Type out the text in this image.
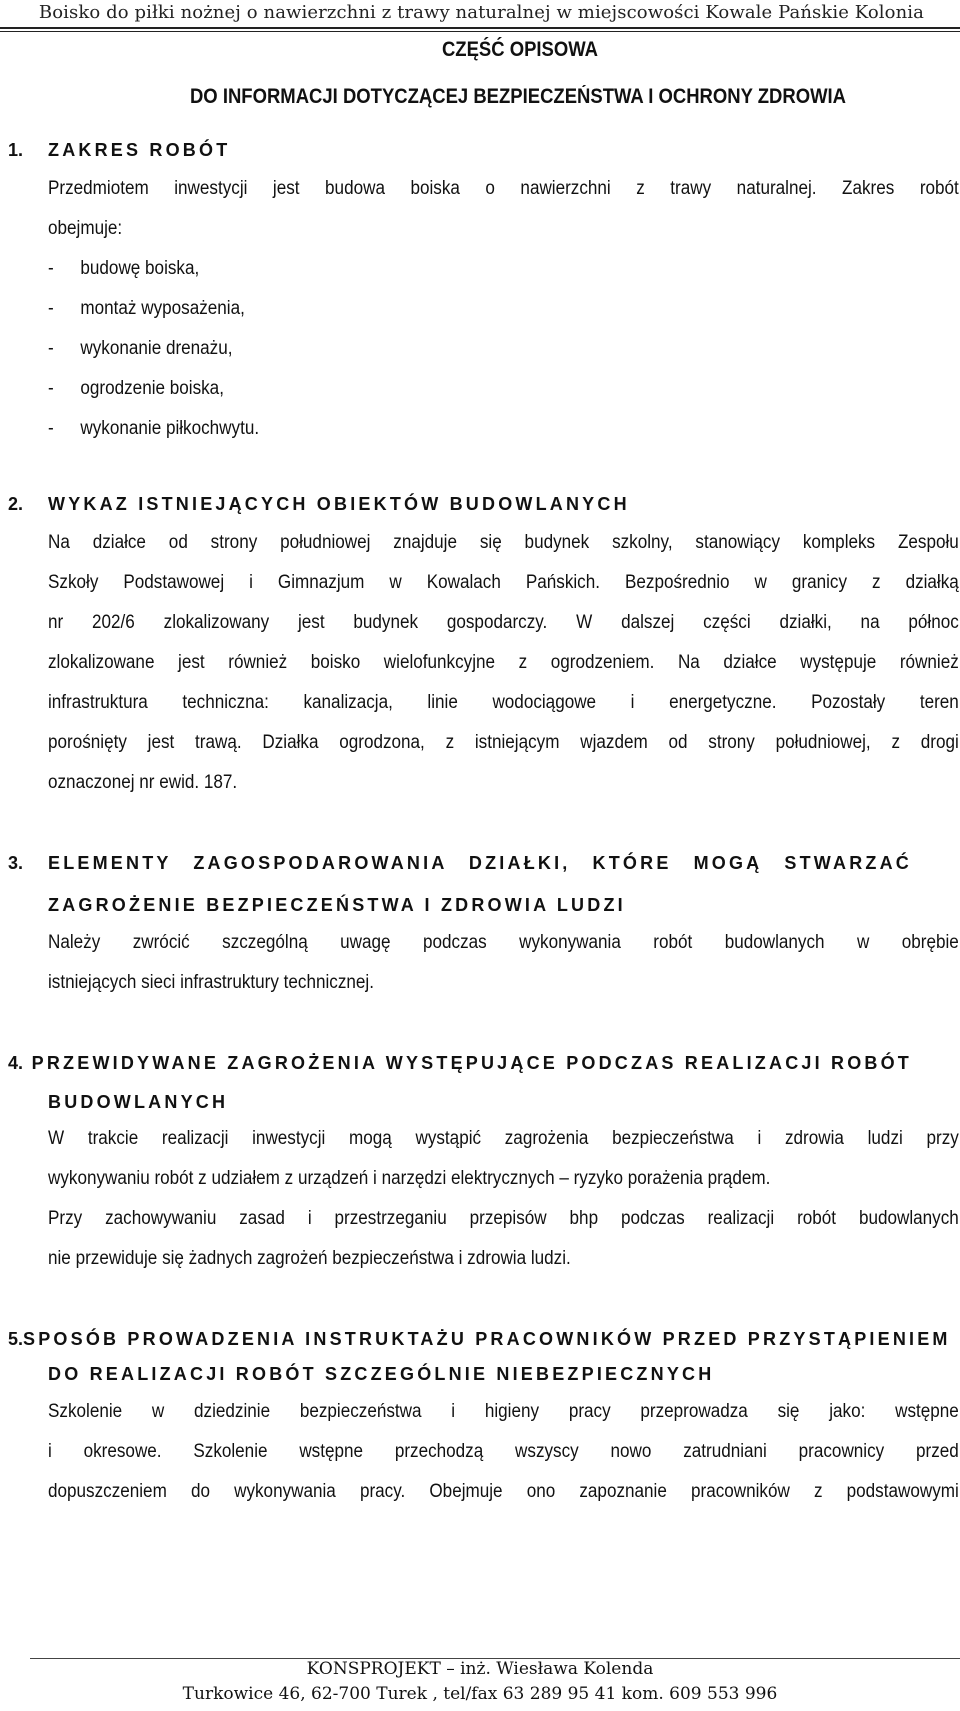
Boisko do piłki nożnej o nawierzchni z trawy naturalnej w miejscowości Kowale Pańskie Kolonia
CZĘŚĆ OPISOWA
DO INFORMACJI DOTYCZĄCEJ BEZPIECZEŃSTWA I OCHRONY ZDROWIA
1. ZAKRES ROBÓT
Przedmiotem inwestycji jest budowa boiska o nawierzchni z trawy naturalnej. Zakres robót
obejmuje:
- budowę boiska,
- montaż wyposażenia,
- wykonanie drenażu,
- ogrodzenie boiska,
- wykonanie piłkochwytu.
2. WYKAZ ISTNIEJĄCYCH OBIEKTÓW BUDOWLANYCH
Na działce od strony południowej znajduje się budynek szkolny, stanowiący kompleks Zespołu
Szkoły Podstawowej i Gimnazjum w Kowalach Pańskich. Bezpośrednio w granicy z działką
nr 202/6 zlokalizowany jest budynek gospodarczy. W dalszej części działki, na północ
zlokalizowane jest również boisko wielofunkcyjne z ogrodzeniem. Na działce występuje również
infrastruktura techniczna: kanalizacja, linie wodociągowe i energetyczne. Pozostały teren
porośnięty jest trawą. Działka ogrodzona, z istniejącym wjazdem od strony południowej, z drogi
oznaczonej nr ewid. 187.
3.	ELEMENTY ZAGOSPODAROWANIA DZIAŁKI, KTÓRE MOGĄ STWARZAĆ
ZAGROŻENIE BEZPIECZEŃSTWA I ZDROWIA LUDZI
Należy zwrócić szczególną uwagę podczas wykonywania robót budowlanych w obrębie
istniejących sieci infrastruktury technicznej.
4. PRZEWIDYWANE ZAGROŻENIA WYSTĘPUJĄCE PODCZAS REALIZACJI ROBÓT
BUDOWLANYCH
W trakcie realizacji inwestycji mogą wystąpić zagrożenia bezpieczeństwa i zdrowia ludzi przy
wykonywaniu robót z udziałem z urządzeń i narzędzi elektrycznych – ryzyko porażenia prądem.
Przy zachowywaniu zasad i przestrzeganiu przepisów bhp podczas realizacji robót budowlanych
nie przewiduje się żadnych zagrożeń bezpieczeństwa i zdrowia ludzi.
5. SPOSÓB PROWADZENIA INSTRUKTAŻU PRACOWNIKÓW PRZED PRZYSTĄPIENIEM
DO REALIZACJI ROBÓT SZCZEGÓLNIE NIEBEZPIECZNYCH
Szkolenie w dziedzinie bezpieczeństwa i higieny pracy przeprowadza się jako: wstępne
i okresowe. Szkolenie wstępne przechodzą wszyscy nowo zatrudniani pracownicy przed
dopuszczeniem do wykonywania pracy. Obejmuje ono zapoznanie pracowników z podstawowymi
KONSPROJEKT – inż. Wiesława Kolenda
Turkowice 46, 62-700 Turek , tel/fax 63 289 95 41 kom. 609 553 996
